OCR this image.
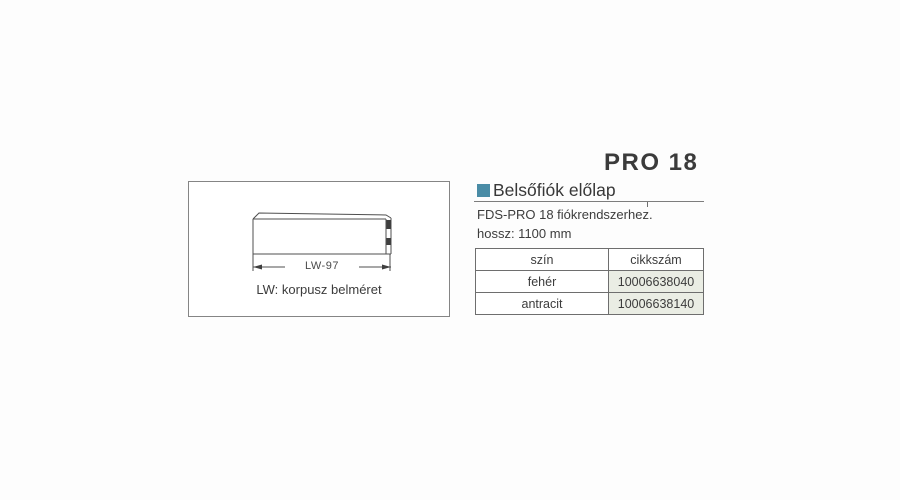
LW-97
LW: korpusz belméret
PRO 18
Belsőfiók előlap
FDS-PRO 18 fiókrendszerhez.
hossz: 1100 mm
szín	cikkszám
fehér	10006638040
antracit	10006638140
